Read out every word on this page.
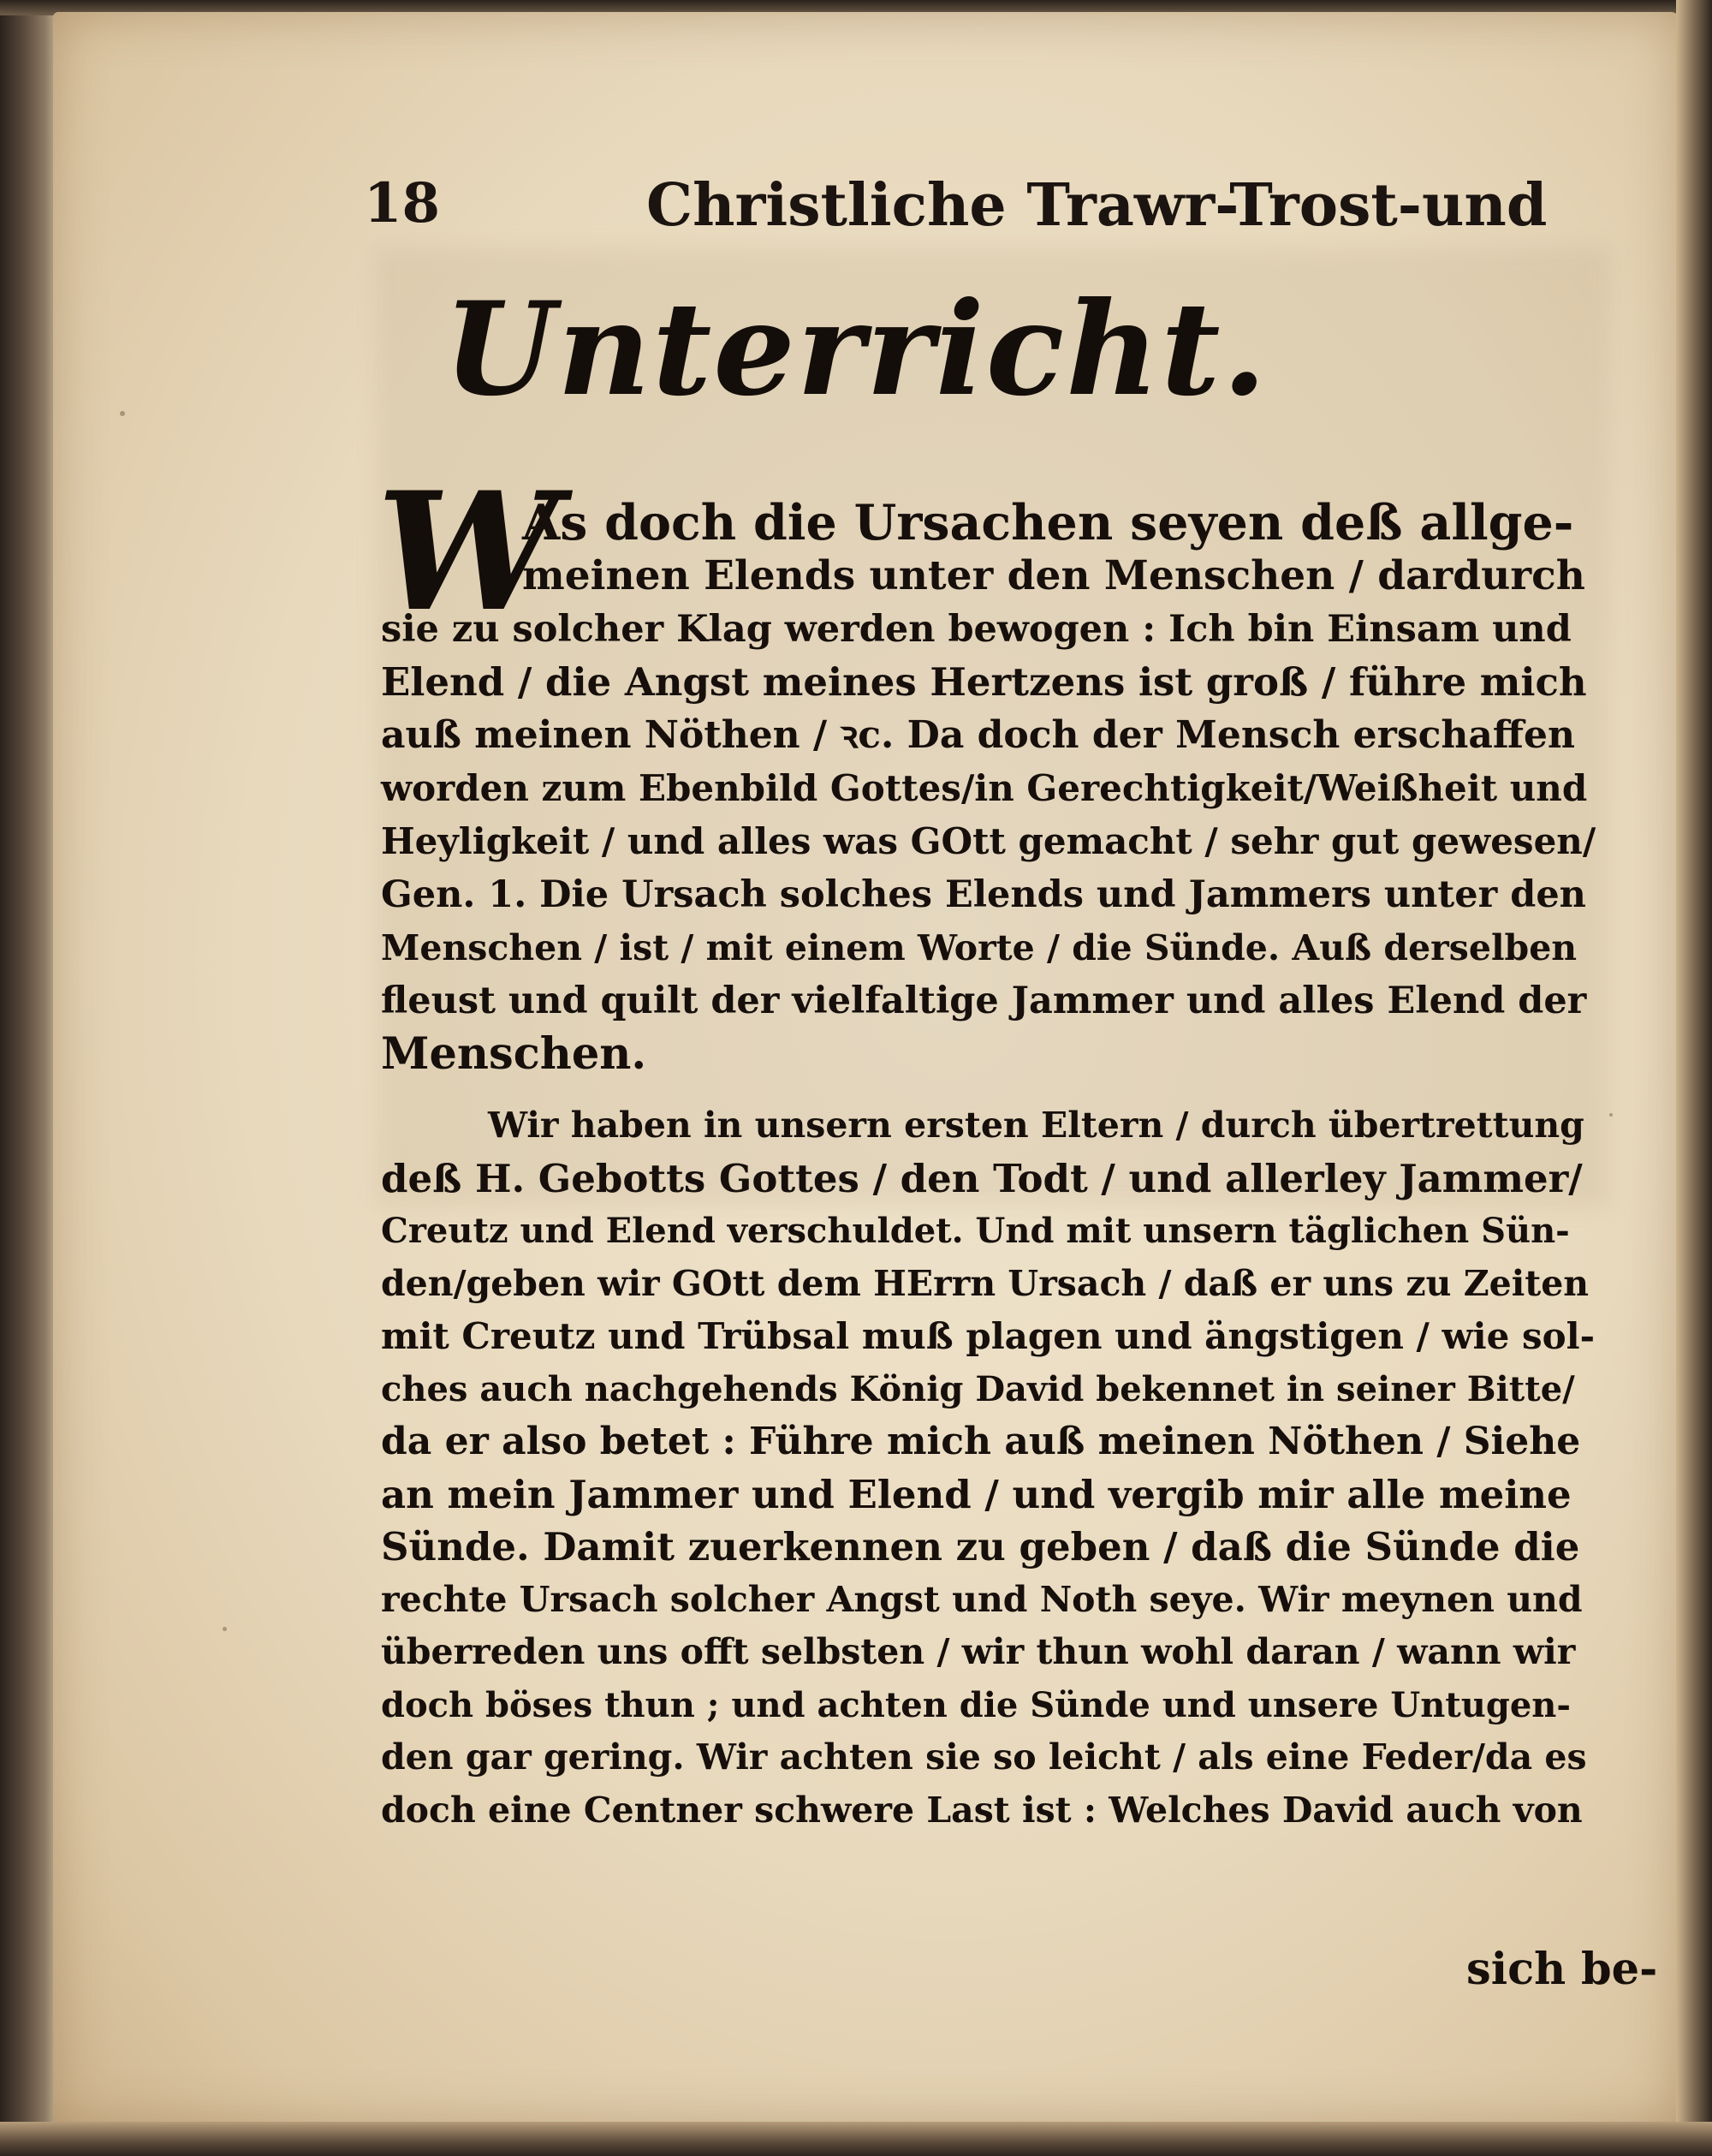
18	Christliche Trawr-Trost-und
Unterricht.
W
As doch die Ursachen seyen deß allge-
meinen Elends unter den Menschen / dardurch
sie zu solcher Klag werden bewogen : Ich bin Einsam und
Elend / die Angst meines Hertzens ist groß / führe mich
auß meinen Nöthen / ꝛc. Da doch der Mensch erschaffen
worden zum Ebenbild Gottes/in Gerechtigkeit/Weißheit und
Heyligkeit / und alles was GOtt gemacht / sehr gut gewesen/
Gen. 1. Die Ursach solches Elends und Jammers unter den
Menschen / ist / mit einem Worte / die Sünde. Auß derselben
fleust und quilt der vielfaltige Jammer und alles Elend der
Menschen.
Wir haben in unsern ersten Eltern / durch übertrettung
deß H. Gebotts Gottes / den Todt / und allerley Jammer/
Creutz und Elend verschuldet. Und mit unsern täglichen Sün-
den/geben wir GOtt dem HErrn Ursach / daß er uns zu Zeiten
mit Creutz und Trübsal muß plagen und ängstigen / wie sol-
ches auch nachgehends König David bekennet in seiner Bitte/
da er also betet : Führe mich auß meinen Nöthen / Siehe
an mein Jammer und Elend / und vergib mir alle meine
Sünde. Damit zuerkennen zu geben / daß die Sünde die
rechte Ursach solcher Angst und Noth seye. Wir meynen und
überreden uns offt selbsten / wir thun wohl daran / wann wir
doch böses thun ; und achten die Sünde und unsere Untugen-
den gar gering. Wir achten sie so leicht / als eine Feder/da es
doch eine Centner schwere Last ist : Welches David auch von
sich be-
